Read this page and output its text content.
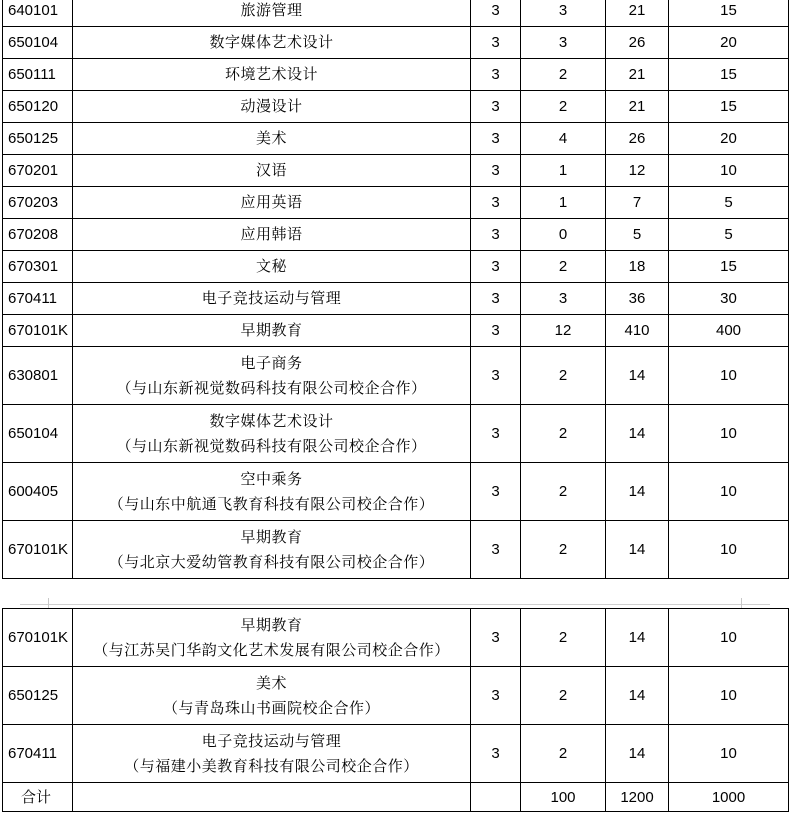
640101	旅游管理	3	3	21	15
650104	数字媒体艺术设计	3	3	26	20
650111	环境艺术设计	3	2	21	15
650120	动漫设计	3	2	21	15
650125	美术	3	4	26	20
670201	汉语	3	1	12	10
670203	应用英语	3	1	7	5
670208	应用韩语	3	0	5	5
670301	文秘	3	2	18	15
670411	电子竞技运动与管理	3	3	36	30
670101K	早期教育	3	12	410	400
630801	电子商务
（与山东新视觉数码科技有限公司校企合作）	3	2	14	10
650104	数字媒体艺术设计
（与山东新视觉数码科技有限公司校企合作）	3	2	14	10
600405	空中乘务
（与山东中航通飞教育科技有限公司校企合作）	3	2	14	10
670101K	早期教育
（与北京大爱幼管教育科技有限公司校企合作）	3	2	14	10
670101K	早期教育
（与江苏吴门华韵文化艺术发展有限公司校企合作）	3	2	14	10
650125	美术
（与青岛珠山书画院校企合作）	3	2	14	10
670411	电子竞技运动与管理
（与福建小美教育科技有限公司校企合作）	3	2	14	10
合计			100	1200	1000
